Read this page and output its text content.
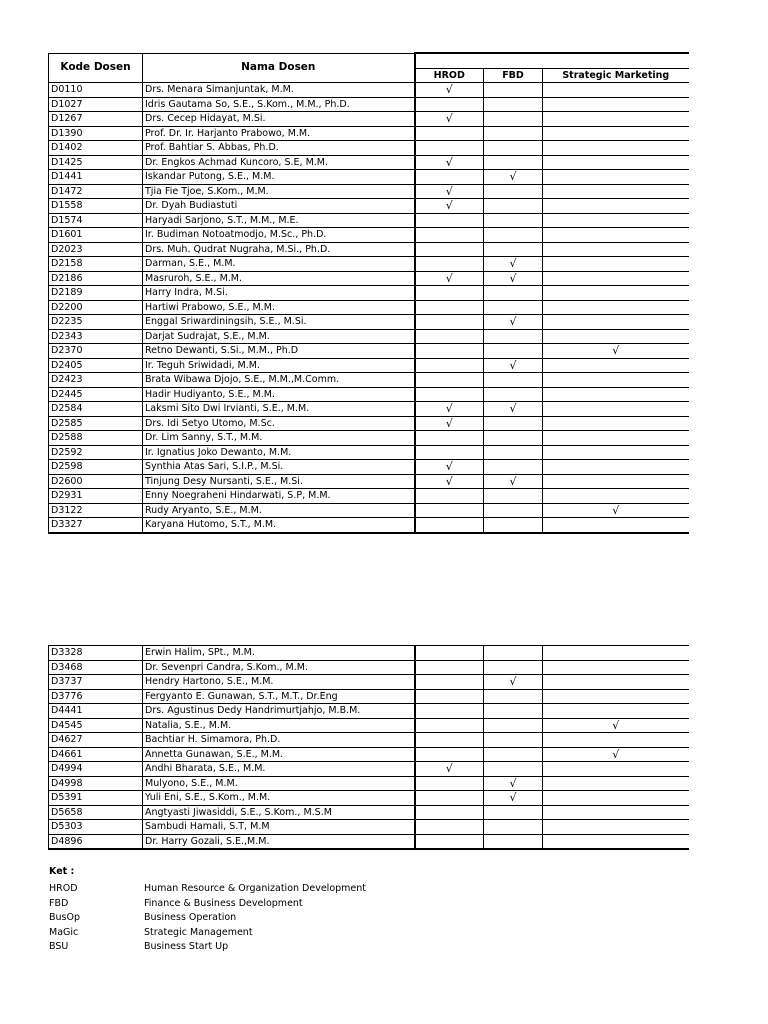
Kode Dosen	Nama Dosen			
		HROD	FBD	Strategic Marketing
D0110	Drs. Menara Simanjuntak, M.M.	√		
D1027	Idris Gautama So, S.E., S.Kom., M.M., Ph.D.			
D1267	Drs. Cecep Hidayat, M.Si.	√		
D1390	Prof. Dr. Ir. Harjanto Prabowo, M.M.			
D1402	Prof. Bahtiar S. Abbas, Ph.D.			
D1425	Dr. Engkos Achmad Kuncoro, S.E, M.M.	√		
D1441	Iskandar Putong, S.E., M.M.		√	
D1472	Tjia Fie Tjoe, S.Kom., M.M.	√		
D1558	Dr. Dyah Budiastuti	√		
D1574	Haryadi Sarjono, S.T., M.M., M.E.			
D1601	Ir. Budiman Notoatmodjo, M.Sc., Ph.D.			
D2023	Drs. Muh. Qudrat Nugraha, M.Si., Ph.D.			
D2158	Darman, S.E., M.M.		√	
D2186	Masruroh, S.E., M.M.	√	√	
D2189	Harry Indra, M.Si.			
D2200	Hartiwi Prabowo, S.E., M.M.			
D2235	Enggal Sriwardiningsih, S.E., M.Si.		√	
D2343	Darjat Sudrajat, S.E., M.M.			
D2370	Retno Dewanti, S.Si., M.M., Ph.D			√
D2405	Ir. Teguh Sriwidadi, M.M.		√	
D2423	Brata Wibawa Djojo, S.E., M.M.,M.Comm.			
D2445	Hadir Hudiyanto, S.E., M.M.			
D2584	Laksmi Sito Dwi Irvianti, S.E., M.M.	√	√	
D2585	Drs. Idi Setyo Utomo, M.Sc.	√		
D2588	Dr. Lim Sanny, S.T., M.M.			
D2592	Ir. Ignatius Joko Dewanto, M.M.			
D2598	Synthia Atas Sari, S.I.P., M.Si.	√		
D2600	Tinjung Desy Nursanti, S.E., M.Si.	√	√	
D2931	Enny Noegraheni Hindarwati, S.P, M.M.			
D3122	Rudy Aryanto, S.E., M.M.			√
D3327	Karyana Hutomo, S.T., M.M.			
D3328	Erwin Halim, SPt., M.M.			
D3468	Dr. Sevenpri Candra, S.Kom., M.M.			
D3737	Hendry Hartono, S.E., M.M.		√	
D3776	Fergyanto E. Gunawan, S.T., M.T., Dr.Eng			
D4441	Drs. Agustinus Dedy Handrimurtjahjo, M.B.M.			
D4545	Natalia, S.E., M.M.			√
D4627	Bachtiar H. Simamora, Ph.D.			
D4661	Annetta Gunawan, S.E., M.M.			√
D4994	Andhi Bharata, S.E., M.M.	√		
D4998	Mulyono, S.E., M.M.		√	
D5391	Yuli Eni, S.E., S.Kom., M.M.		√	
D5658	Angtyasti Jiwasiddi, S.E., S.Kom., M.S.M			
D5303	Sambudi Hamali, S.T, M.M			
D4896	Dr. Harry Gozali, S.E.,M.M.			
Ket :
HROD	Human Resource & Organization Development
FBD	Finance & Business Development
BusOp	Business Operation
MaGic	Strategic Management
BSU	Business Start Up
